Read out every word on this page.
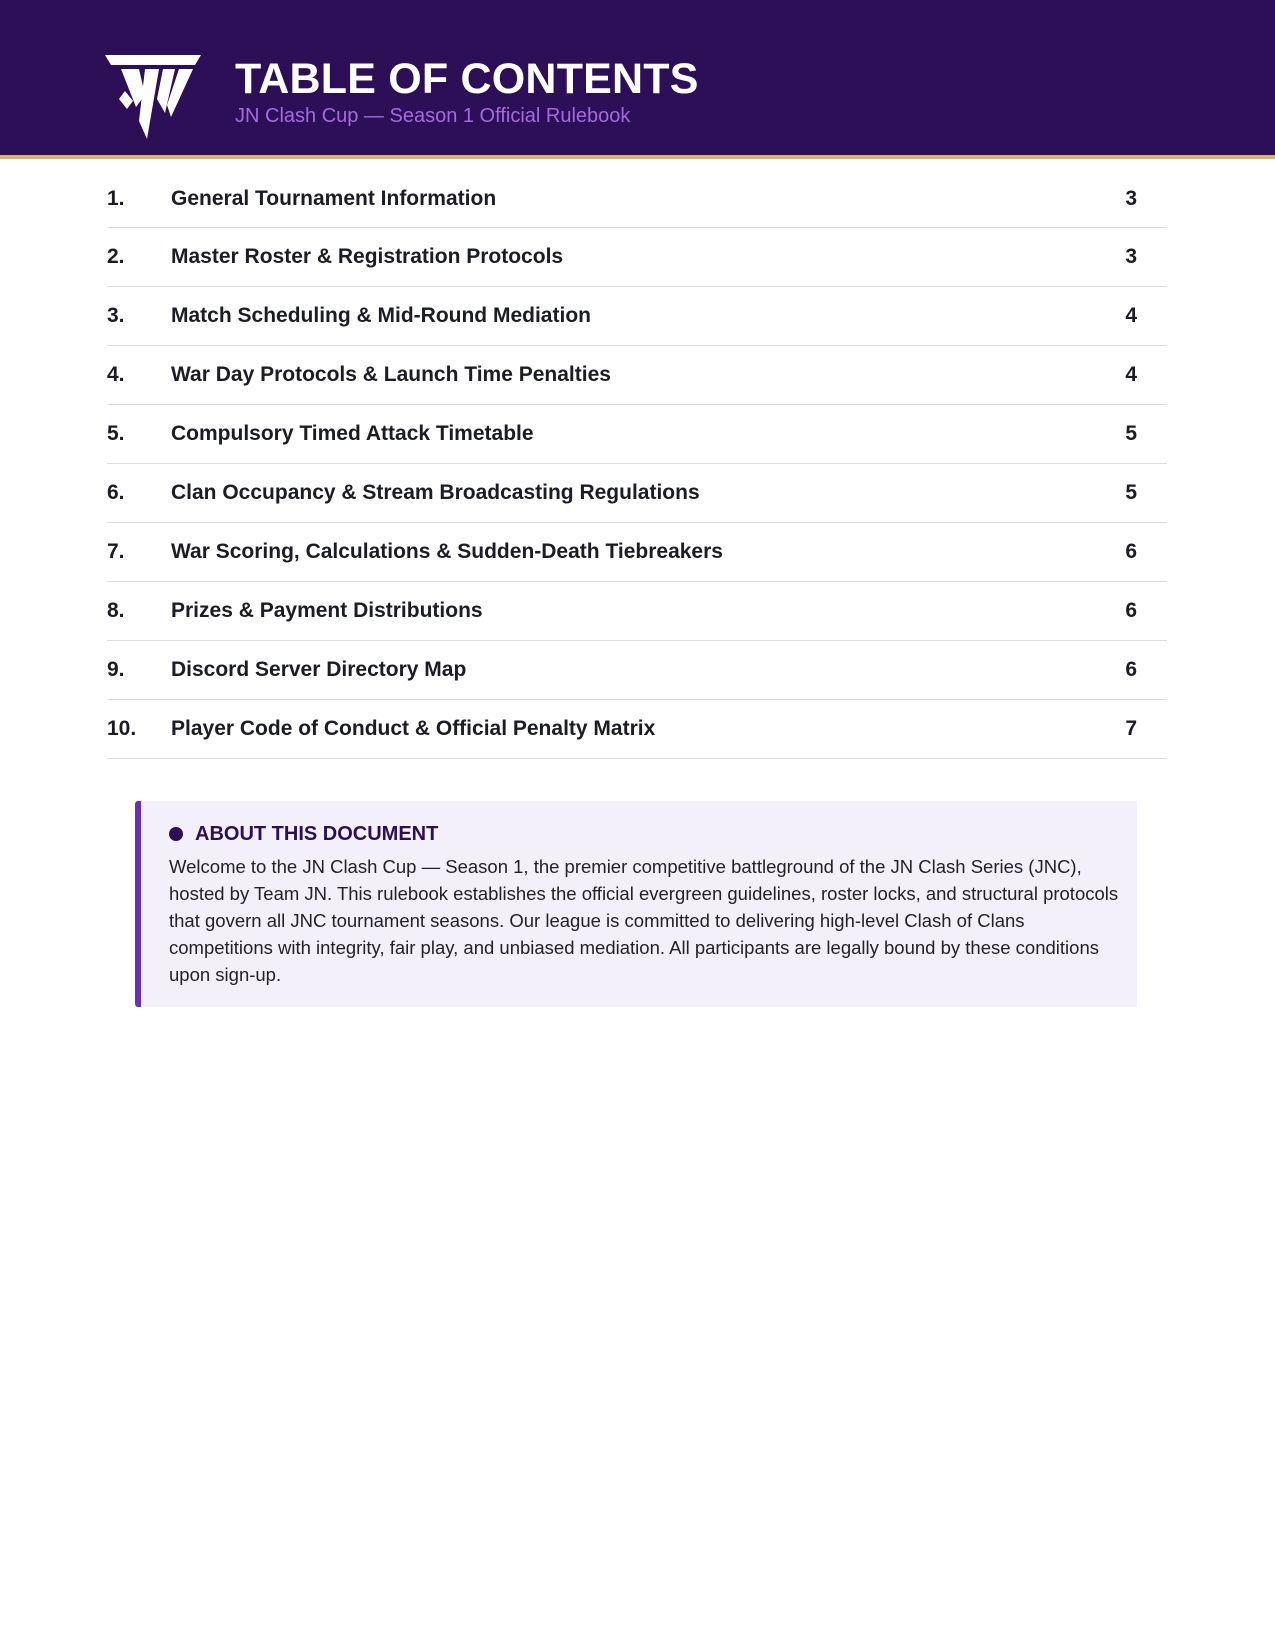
TABLE OF CONTENTS
JN Clash Cup — Season 1 Official Rulebook
1. General Tournament Information	3
2. Master Roster & Registration Protocols	3
3. Match Scheduling & Mid-Round Mediation	4
4. War Day Protocols & Launch Time Penalties	4
5. Compulsory Timed Attack Timetable	5
6. Clan Occupancy & Stream Broadcasting Regulations	5
7. War Scoring, Calculations & Sudden-Death Tiebreakers	6
8. Prizes & Payment Distributions	6
9. Discord Server Directory Map	6
10. Player Code of Conduct & Official Penalty Matrix	7
ABOUT THIS DOCUMENT

Welcome to the JN Clash Cup — Season 1, the premier competitive battleground of the JN Clash Series (JNC), hosted by Team JN. This rulebook establishes the official evergreen guidelines, roster locks, and structural protocols that govern all JNC tournament seasons. Our league is committed to delivering high-level Clash of Clans competitions with integrity, fair play, and unbiased mediation. All participants are legally bound by these conditions upon sign-up.
